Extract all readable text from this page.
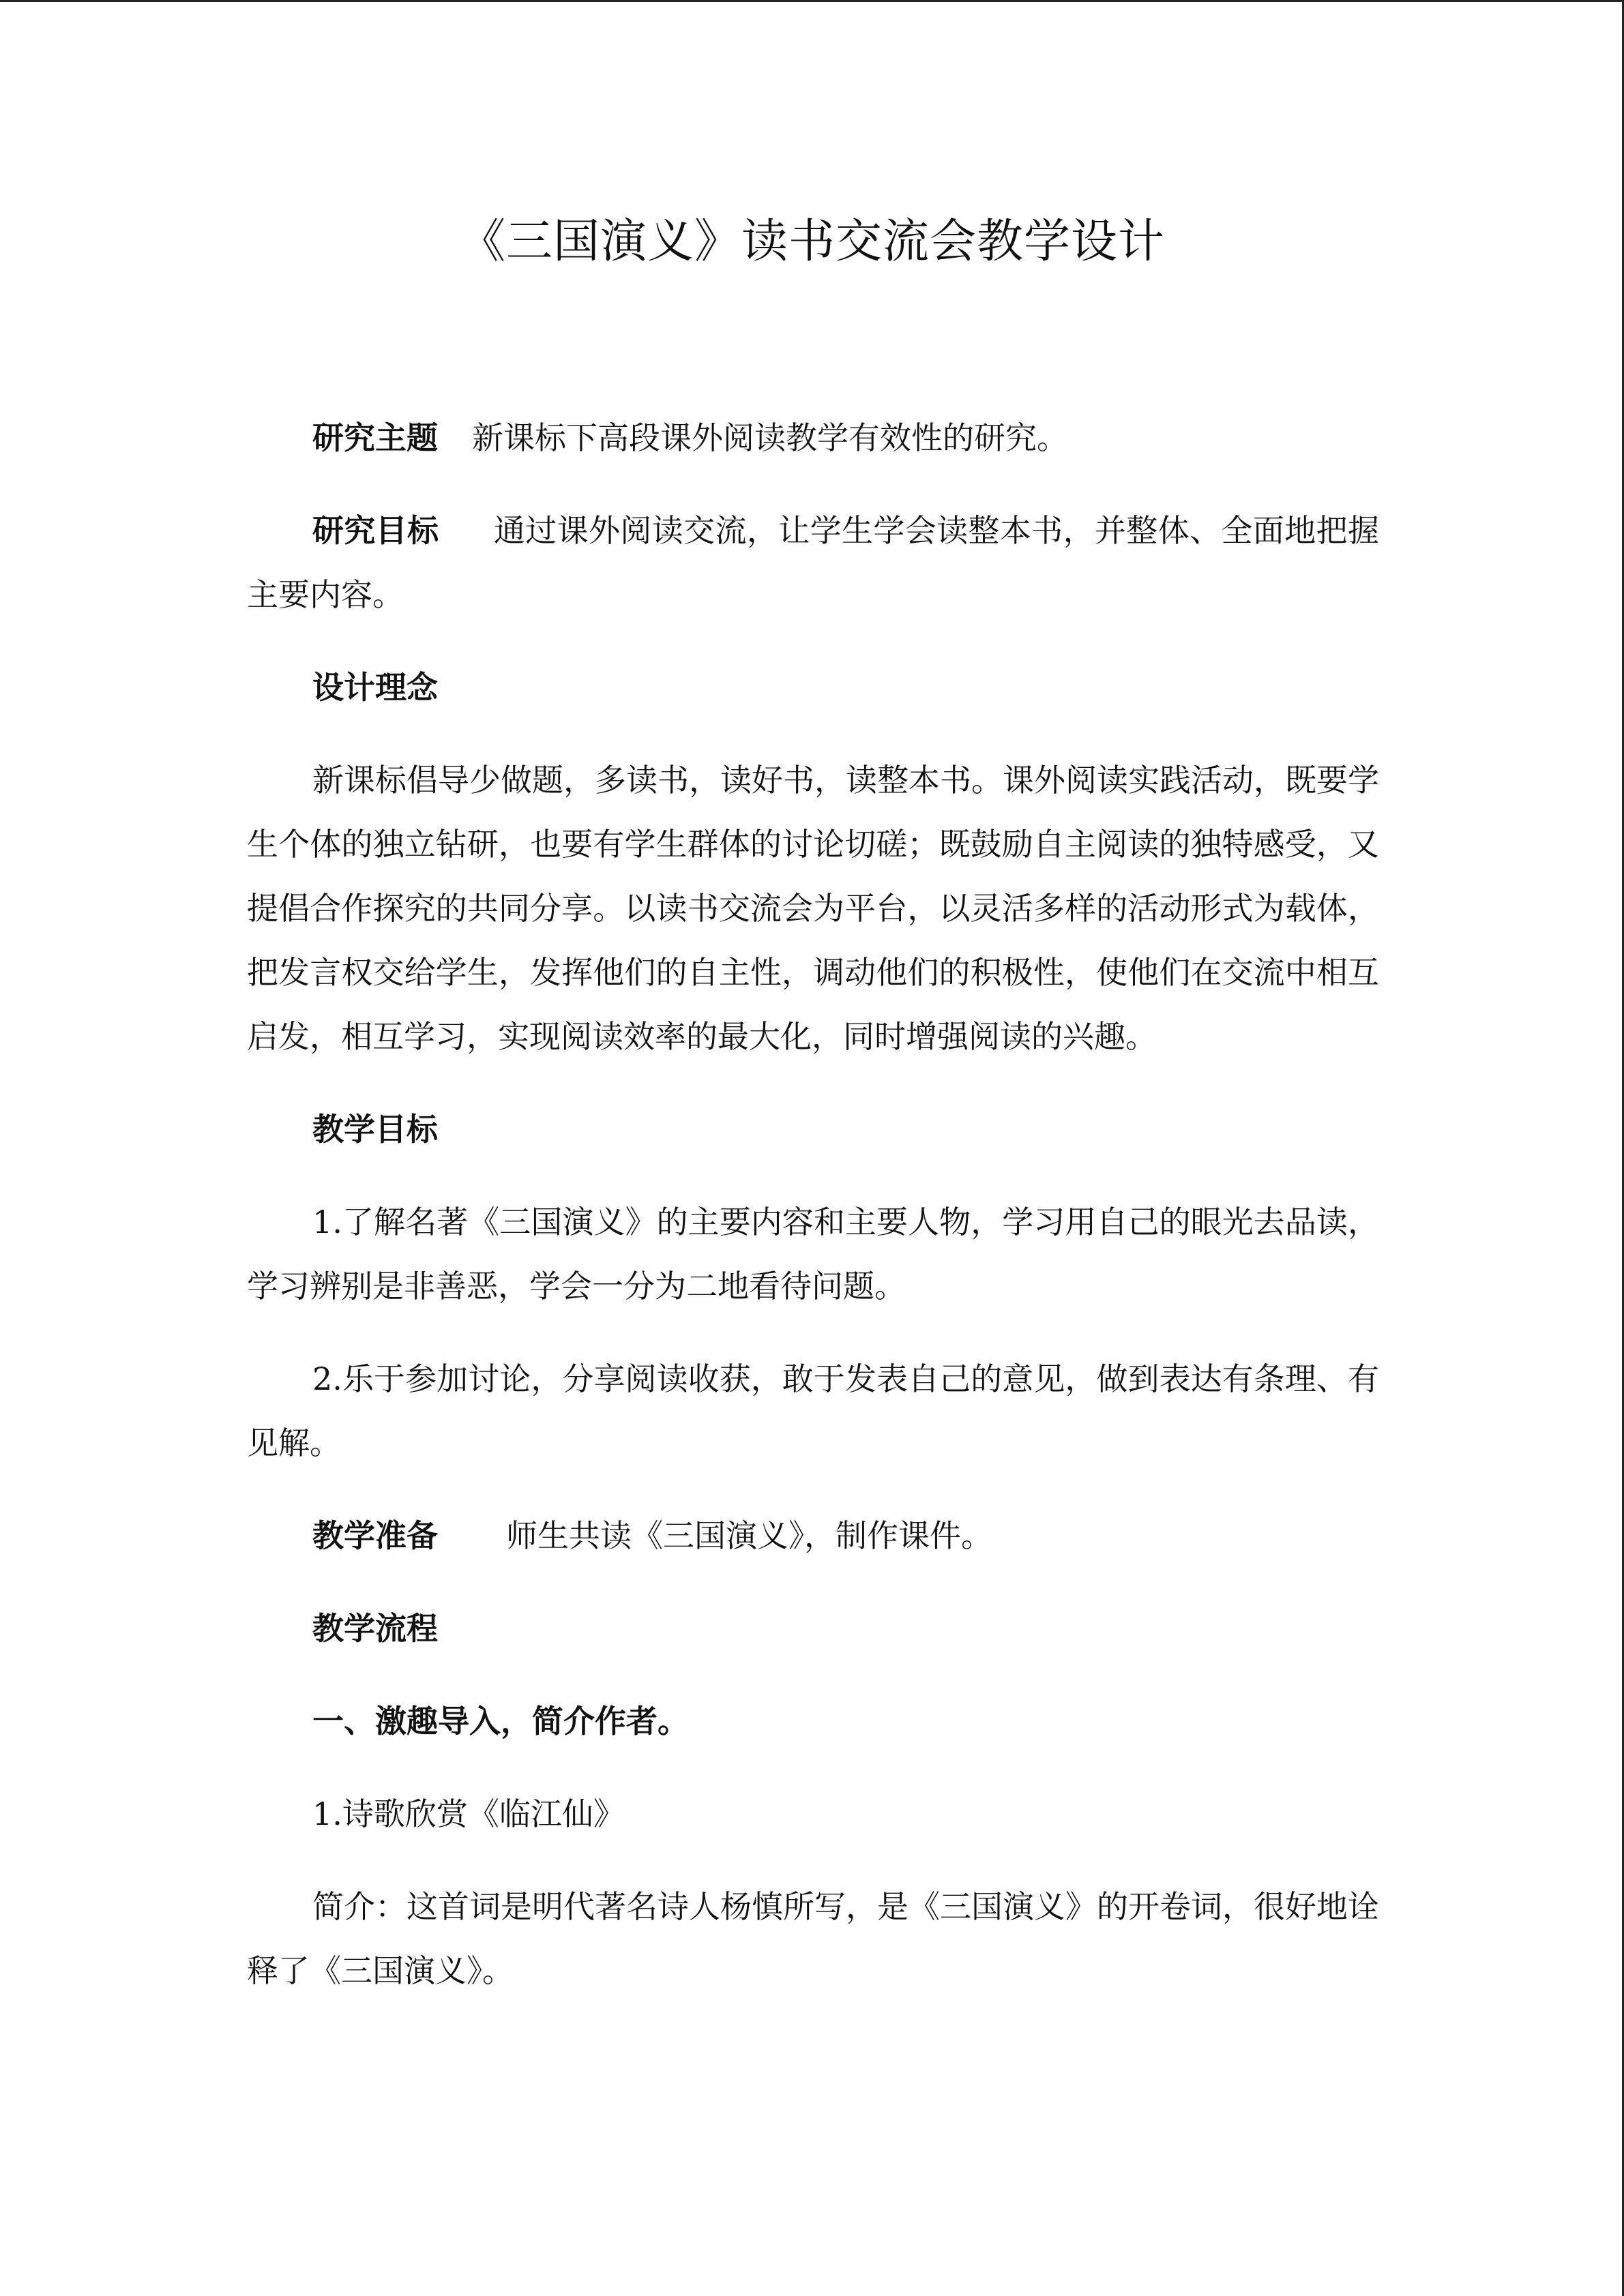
《三国演义》读书交流会教学设计

研究主题 新课标下高段课外阅读教学有效性的研究。

研究目标 通过课外阅读交流，让学生学会读整本书，并整体、全面地把握主要内容。

设计理念

新课标倡导少做题，多读书，读好书，读整本书。课外阅读实践活动，既要学生个体的独立钻研，也要有学生群体的讨论切磋；既鼓励自主阅读的独特感受，又提倡合作探究的共同分享。以读书交流会为平台，以灵活多样的活动形式为载体，把发言权交给学生，发挥他们的自主性，调动他们的积极性，使他们在交流中相互启发，相互学习，实现阅读效率的最大化，同时增强阅读的兴趣。

教学目标

1.了解名著《三国演义》的主要内容和主要人物，学习用自己的眼光去品读，学习辨别是非善恶，学会一分为二地看待问题。

2.乐于参加讨论，分享阅读收获，敢于发表自己的意见，做到表达有条理、有见解。

教学准备 师生共读《三国演义》，制作课件。

教学流程

一、激趣导入，简介作者。

1.诗歌欣赏《临江仙》

简介：这首词是明代著名诗人杨慎所写，是《三国演义》的开卷词，很好地诠释了《三国演义》。
